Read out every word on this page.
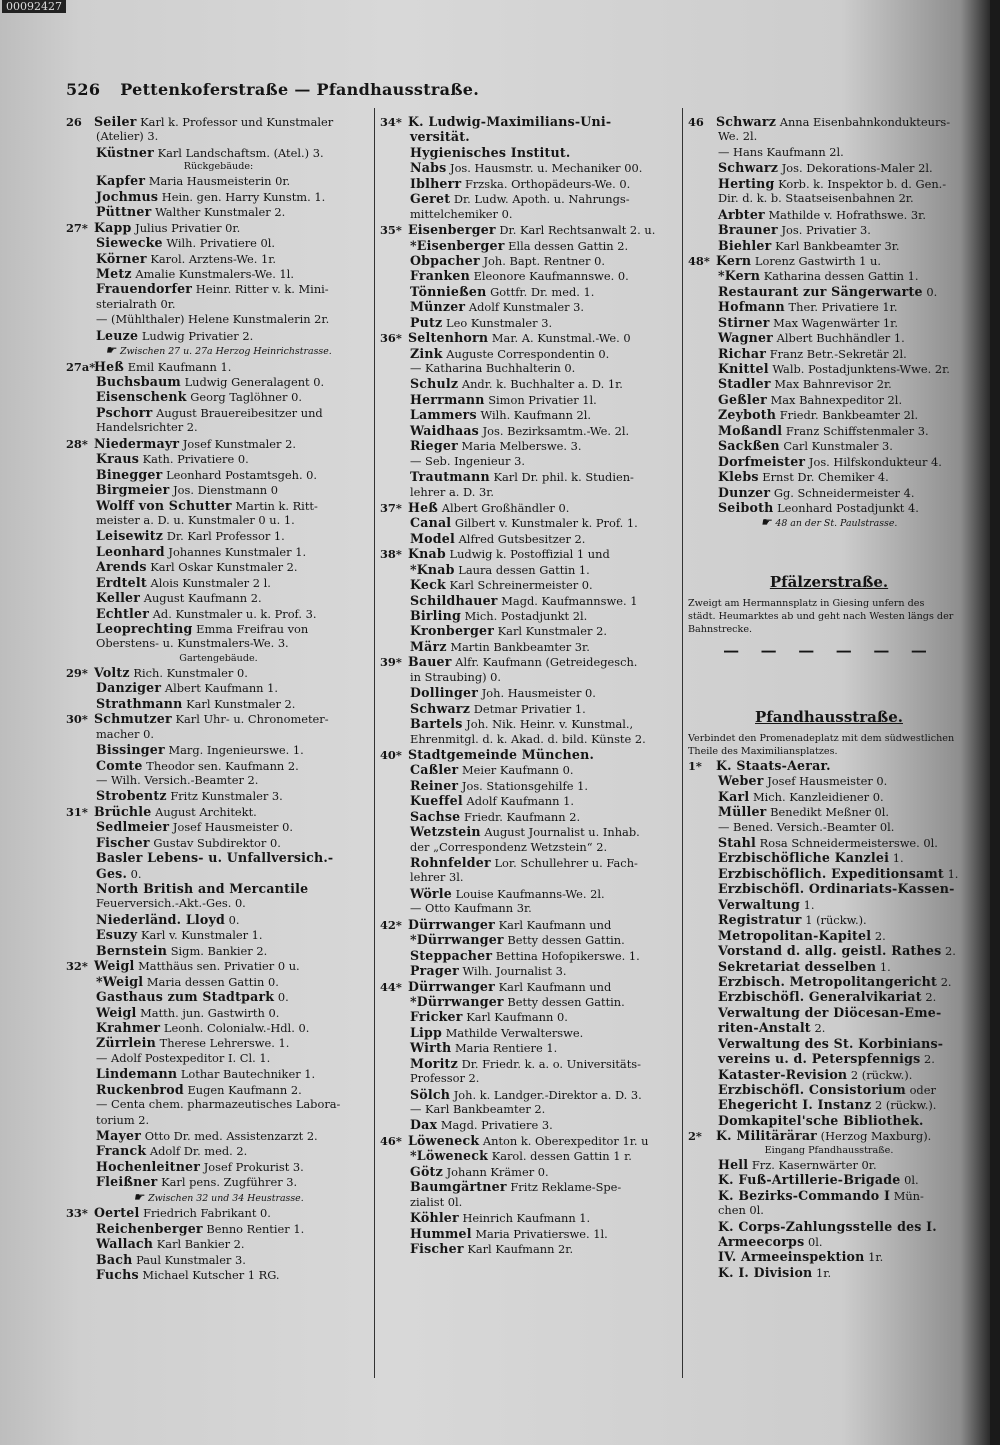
00092427
526 Pettenkoferstraße — Pfandhausstraße.
26 Seiler Karl k. Professor und Kunstmaler
(Atelier) 3.
Küstner Karl Landschaftsm. (Atel.) 3.
Rückgebäude:
Kapfer Maria Hausmeisterin 0r.
Jochmus Hein. gen. Harry Kunstm. 1.
Püttner Walther Kunstmaler 2.
27* Kapp Julius Privatier 0r.
Siewecke Wilh. Privatiere 0l.
Körner Karol. Arztens-We. 1r.
Metz Amalie Kunstmalers-We. 1l.
Frauendorfer Heinr. Ritter v. k. Mini-
sterialrath 0r.
— (Mühlthaler) Helene Kunstmalerin 2r.
Leuze Ludwig Privatier 2.
☛ Zwischen 27 u. 27a Herzog Heinrichstrasse.
27a*Heß Emil Kaufmann 1.
Buchsbaum Ludwig Generalagent 0.
Eisenschenk Georg Taglöhner 0.
Pschorr August Brauereibesitzer und
Handelsrichter 2.
28* Niedermayr Josef Kunstmaler 2.
Kraus Kath. Privatiere 0.
Binegger Leonhard Postamtsgeh. 0.
Birgmeier Jos. Dienstmann 0
Wolff von Schutter Martin k. Ritt-
meister a. D. u. Kunstmaler 0 u. 1.
Leisewitz Dr. Karl Professor 1.
Leonhard Johannes Kunstmaler 1.
Arends Karl Oskar Kunstmaler 2.
Erdtelt Alois Kunstmaler 2 l.
Keller August Kaufmann 2.
Echtler Ad. Kunstmaler u. k. Prof. 3.
Leoprechting Emma Freifrau von
Oberstens- u. Kunstmalers-We. 3.
Gartengebäude.
29* Voltz Rich. Kunstmaler 0.
Danziger Albert Kaufmann 1.
Strathmann Karl Kunstmaler 2.
30* Schmutzer Karl Uhr- u. Chronometer-
macher 0.
Bissinger Marg. Ingenieurswe. 1.
Comte Theodor sen. Kaufmann 2.
— Wilh. Versich.-Beamter 2.
Strobentz Fritz Kunstmaler 3.
31* Brüchle August Architekt.
Sedlmeier Josef Hausmeister 0.
Fischer Gustav Subdirektor 0.
Basler Lebens- u. Unfallversich.-
Ges. 0.
North British and Mercantile
Feuerversich.-Akt.-Ges. 0.
Niederländ. Lloyd 0.
Esuzy Karl v. Kunstmaler 1.
Bernstein Sigm. Bankier 2.
32* Weigl Matthäus sen. Privatier 0 u.
*Weigl Maria dessen Gattin 0.
Gasthaus zum Stadtpark 0.
Weigl Matth. jun. Gastwirth 0.
Krahmer Leonh. Colonialw.-Hdl. 0.
Zürrlein Therese Lehrerswe. 1.
— Adolf Postexpeditor I. Cl. 1.
Lindemann Lothar Bautechniker 1.
Ruckenbrod Eugen Kaufmann 2.
— Centa chem. pharmazeutisches Labora-
torium 2.
Mayer Otto Dr. med. Assistenzarzt 2.
Franck Adolf Dr. med. 2.
Hochenleitner Josef Prokurist 3.
Fleißner Karl pens. Zugführer 3.
☛ Zwischen 32 und 34 Heustrasse.
33* Oertel Friedrich Fabrikant 0.
Reichenberger Benno Rentier 1.
Wallach Karl Bankier 2.
Bach Paul Kunstmaler 3.
Fuchs Michael Kutscher 1 RG.
34* K. Ludwig-Maximilians-Uni-
versität.
Hygienisches Institut.
Nabs Jos. Hausmstr. u. Mechaniker 00.
Iblherr Frzska. Orthopädeurs-We. 0.
Geret Dr. Ludw. Apoth. u. Nahrungs-
mittelchemiker 0.
35* Eisenberger Dr. Karl Rechtsanwalt 2. u.
*Eisenberger Ella dessen Gattin 2.
Obpacher Joh. Bapt. Rentner 0.
Franken Eleonore Kaufmannswe. 0.
Tönnießen Gottfr. Dr. med. 1.
Münzer Adolf Kunstmaler 3.
Putz Leo Kunstmaler 3.
36* Seltenhorn Mar. A. Kunstmal.-We. 0
Zink Auguste Correspondentin 0.
— Katharina Buchhalterin 0.
Schulz Andr. k. Buchhalter a. D. 1r.
Herrmann Simon Privatier 1l.
Lammers Wilh. Kaufmann 2l.
Waidhaas Jos. Bezirksamtm.-We. 2l.
Rieger Maria Melberswe. 3.
— Seb. Ingenieur 3.
Trautmann Karl Dr. phil. k. Studien-
lehrer a. D. 3r.
37* Heß Albert Großhändler 0.
Canal Gilbert v. Kunstmaler k. Prof. 1.
Model Alfred Gutsbesitzer 2.
38* Knab Ludwig k. Postoffizial 1 und
*Knab Laura dessen Gattin 1.
Keck Karl Schreinermeister 0.
Schildhauer Magd. Kaufmannswe. 1
Birling Mich. Postadjunkt 2l.
Kronberger Karl Kunstmaler 2.
März Martin Bankbeamter 3r.
39* Bauer Alfr. Kaufmann (Getreidegesch.
in Straubing) 0.
Dollinger Joh. Hausmeister 0.
Schwarz Detmar Privatier 1.
Bartels Joh. Nik. Heinr. v. Kunstmal.,
Ehrenmitgl. d. k. Akad. d. bild. Künste 2.
40* Stadtgemeinde München.
Caßler Meier Kaufmann 0.
Reiner Jos. Stationsgehilfe 1.
Kueffel Adolf Kaufmann 1.
Sachse Friedr. Kaufmann 2.
Wetzstein August Journalist u. Inhab.
der „Correspondenz Wetzstein“ 2.
Rohnfelder Lor. Schullehrer u. Fach-
lehrer 3l.
Wörle Louise Kaufmanns-We. 2l.
— Otto Kaufmann 3r.
42* Dürrwanger Karl Kaufmann und
*Dürrwanger Betty dessen Gattin.
Steppacher Bettina Hofopikerswe. 1.
Prager Wilh. Journalist 3.
44* Dürrwanger Karl Kaufmann und
*Dürrwanger Betty dessen Gattin.
Fricker Karl Kaufmann 0.
Lipp Mathilde Verwalterswe.
Wirth Maria Rentiere 1.
Moritz Dr. Friedr. k. a. o. Universitäts-
Professor 2.
Sölch Joh. k. Landger.-Direktor a. D. 3.
— Karl Bankbeamter 2.
Dax Magd. Privatiere 3.
46* Löweneck Anton k. Oberexpeditor 1r. u
*Löweneck Karol. dessen Gattin 1 r.
Götz Johann Krämer 0.
Baumgärtner Fritz Reklame-Spe-
zialist 0l.
Köhler Heinrich Kaufmann 1.
Hummel Maria Privatierswe. 1l.
Fischer Karl Kaufmann 2r.
46 Schwarz Anna Eisenbahnkondukteurs-
We. 2l.
— Hans Kaufmann 2l.
Schwarz Jos. Dekorations-Maler 2l.
Herting Korb. k. Inspektor b. d. Gen.-
Dir. d. k. b. Staatseisenbahnen 2r.
Arbter Mathilde v. Hofrathswe. 3r.
Brauner Jos. Privatier 3.
Biehler Karl Bankbeamter 3r.
48* Kern Lorenz Gastwirth 1 u.
*Kern Katharina dessen Gattin 1.
Restaurant zur Sängerwarte 0.
Hofmann Ther. Privatiere 1r.
Stirner Max Wagenwärter 1r.
Wagner Albert Buchhändler 1.
Richar Franz Betr.-Sekretär 2l.
Knittel Walb. Postadjunktens-Wwe. 2r.
Stadler Max Bahnrevisor 2r.
Geßler Max Bahnexpeditor 2l.
Zeyboth Friedr. Bankbeamter 2l.
Moßandl Franz Schiffstenmaler 3.
Sackßen Carl Kunstmaler 3.
Dorfmeister Jos. Hilfskondukteur 4.
Klebs Ernst Dr. Chemiker 4.
Dunzer Gg. Schneidermeister 4.
Seiboth Leonhard Postadjunkt 4.
☛ 48 an der St. Paulstrasse.
Pfälzerstraße.
Zweigt am Hermannsplatz in Giesing unfern des
städt. Heumarktes ab und geht nach Westen längs der
Bahnstrecke.
— — — — — —
Pfandhausstraße.
Verbindet den Promenadeplatz mit dem südwestlichen
Theile des Maximiliansplatzes.
1* K. Staats-Aerar.
Weber Josef Hausmeister 0.
Karl Mich. Kanzleidiener 0.
Müller Benedikt Meßner 0l.
— Bened. Versich.-Beamter 0l.
Stahl Rosa Schneidermeisterswe. 0l.
Erzbischöfliche Kanzlei 1.
Erzbischöflich. Expeditionsamt 1.
Erzbischöfl. Ordinariats-Kassen-
Verwaltung 1.
Registratur 1 (rückw.).
Metropolitan-Kapitel 2.
Vorstand d. allg. geistl. Rathes 2.
Sekretariat desselben 1.
Erzbisch. Metropolitangericht 2.
Erzbischöfl. Generalvikariat 2.
Verwaltung der Diöcesan-Eme-
riten-Anstalt 2.
Verwaltung des St. Korbinians-
vereins u. d. Peterspfennigs 2.
Kataster-Revision 2 (rückw.).
Erzbischöfl. Consistorium oder
Ehegericht I. Instanz 2 (rückw.).
Domkapitel'sche Bibliothek.
2* K. Militärärar (Herzog Maxburg).
Eingang Pfandhausstraße.
Hell Frz. Kasernwärter 0r.
K. Fuß-Artillerie-Brigade 0l.
K. Bezirks-Commando I Mün-
chen 0l.
K. Corps-Zahlungsstelle des I.
Armeecorps 0l.
IV. Armeeinspektion 1r.
K. I. Division 1r.
